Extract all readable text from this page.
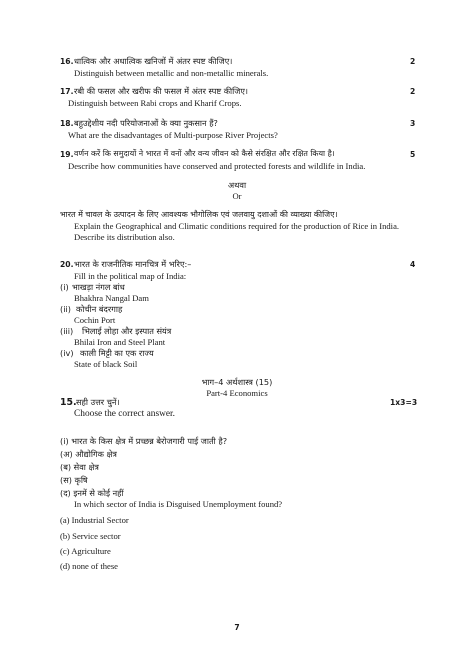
16. धात्विक और अधात्विक खनिजों में अंतर स्पष्ट कीजिए।	2
Distinguish between metallic and non-metallic minerals.
17. रबी की फसल और खरीफ की फसल में अंतर स्पष्ट कीजिए।	2
Distinguish between Rabi crops and Kharif Crops.
18. बहुउद्देशीय नदी परियोजनाओं के क्या नुकसान हैं?	3
What are the disadvantages of Multi-purpose River Projects?
19. वर्णन करें कि समुदायों ने भारत में वनों और वन्य जीवन को कैसे संरक्षित और रक्षित किया है।	5
Describe how communities have conserved and protected forests and wildlife in India.
अथवा
Or
भारत में चावल के उत्पादन के लिए आवश्यक भौगोलिक एवं जलवायु दशाओं की व्याख्या कीजिए।
Explain the Geographical and Climatic conditions required for the production of Rice in India.
Describe its distribution also.
20. भारत के राजनीतिक मानचित्र में भरिए:–	4
Fill in the political map of India:
(i) भाखड़ा नंगल बांध
Bhakhra Nangal Dam
(ii) कोचीन बंदरगाह
Cochin Port
(iii) भिलाई लोहा और इस्पात संयंत्र
Bhilai Iron and Steel Plant
(iv) काली मिट्टी का एक राज्य
State of black Soil
भाग–4 अर्थशास्त्र (15)
Part-4 Economics
15. सही उत्तर चुनें।	1x3=3
Choose the correct answer.
(i) भारत के किस क्षेत्र में प्रच्छन्न बेरोजगारी पाई जाती है?
(अ) औद्योगिक क्षेत्र
(ब) सेवा क्षेत्र
(स) कृषि
(द) इनमें से कोई नहीं
In which sector of India is Disguised Unemployment found?
(a) Industrial Sector
(b) Service sector
(c) Agriculture
(d) none of these
7
